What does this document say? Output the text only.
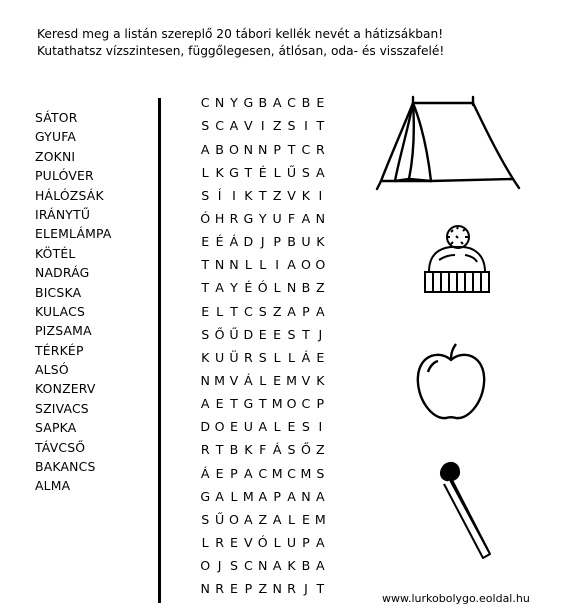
Keresd meg a listán szereplő 20 tábori kellék nevét a hátizsákban!
Kutathatsz vízszintesen, függőlegesen, átlósan, oda- és visszafelé!
SÁTOR
GYUFA
ZOKNI
PULÓVER
HÁLÓZSÁK
IRÁNYTŰ
ELEMLÁMPA
KÖTÉL
NADRÁG
BICSKA
KULACS
PIZSAMA
TÉRKÉP
ALSÓ
KONZERV
SZIVACS
SAPKA
TÁVCSŐ
BAKANCS
ALMA
C N Y G B A C B E
S C A V I Z S I T
A B O N N P T C R
L K G T É L Ű S A
S Í I K T Z V K I
Ó H R G Y U F A N
E É Á D J P B U K
T N N L L I A O O
T A Y É Ó L N B Z
E L T C S Z A P A
S Ő Ű D E E S T J
K U Ü R S L L Á E
N M V Á L E M V K
A E T G T M O C P
D O E U A L E S I
R T B K F Á S Ő Z
Á E P A C M C M S
G A L M A P A N A
S Ű O A Z A L E M
L R E V Ó L U P A
O J S C N A K B A
N R E P Z N R J T
www.lurkobolygo.eoldal.hu
